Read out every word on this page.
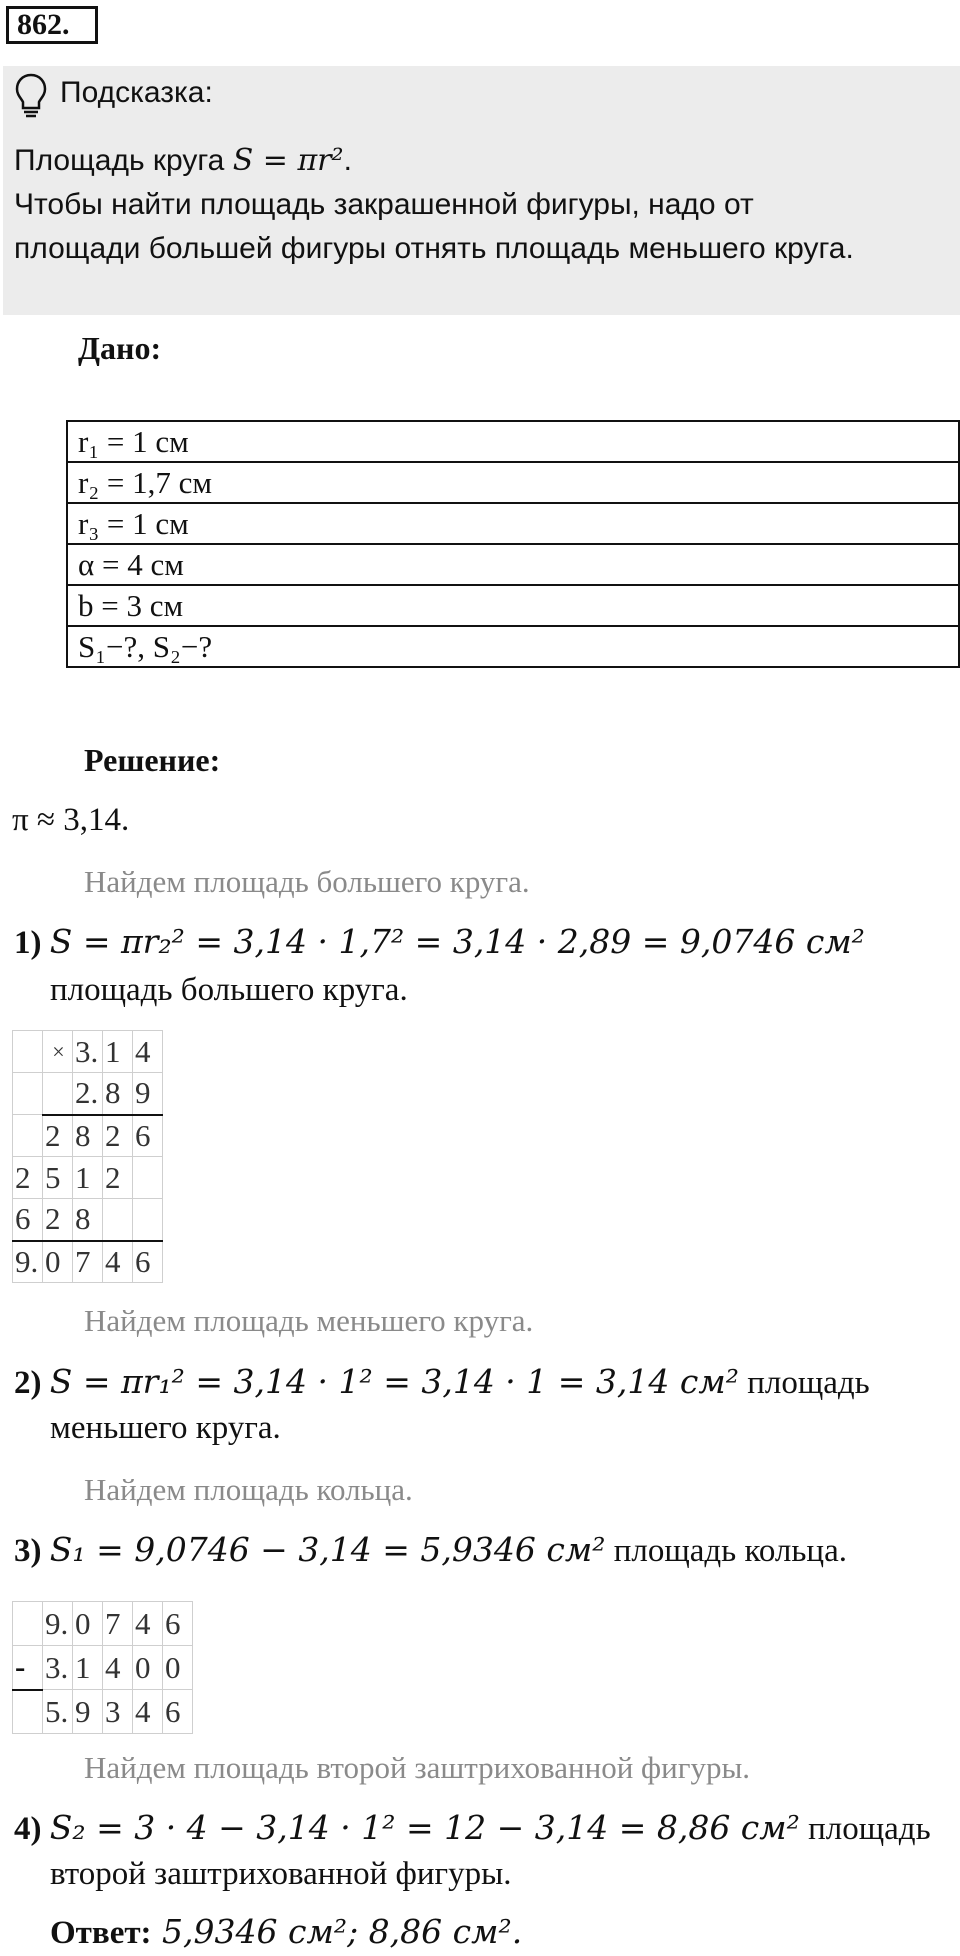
862.
Подсказка:
Площадь круга S = πr².
Чтобы найти площадь закрашенной фигуры, надо от
площади большей фигуры отнять площадь меньшего круга.
Дано:
r₁ = 1 см
r₂ = 1,7 см
r₃ = 1 см
α = 4 см
b = 3 см
S₁−?, S₂−?
Решение:
π ≈ 3,14.
Найдем площадь большего круга.
1) S = πr₂² = 3,14 · 1,7² = 3,14 · 2,89 = 9,0746 см²
площадь большего круга.
	×	3.	1	4
		2.	8	9
	2	8	2	6
2	5	1	2	
6	2	8		
9.	0	7	4	6
Найдем площадь меньшего круга.
2) S = πr₁² = 3,14 · 1² = 3,14 · 1 = 3,14 см² площадь
меньшего круга.
Найдем площадь кольца.
3) S₁ = 9,0746 − 3,14 = 5,9346 см² площадь кольца.
	9.	0	7	4	6
-	3.	1	4	0	0
	5.	9	3	4	6
Найдем площадь второй заштрихованной фигуры.
4) S₂ = 3 · 4 − 3,14 · 1² = 12 − 3,14 = 8,86 см² площадь
второй заштрихованной фигуры.
Ответ: 5,9346 см²; 8,86 см².
